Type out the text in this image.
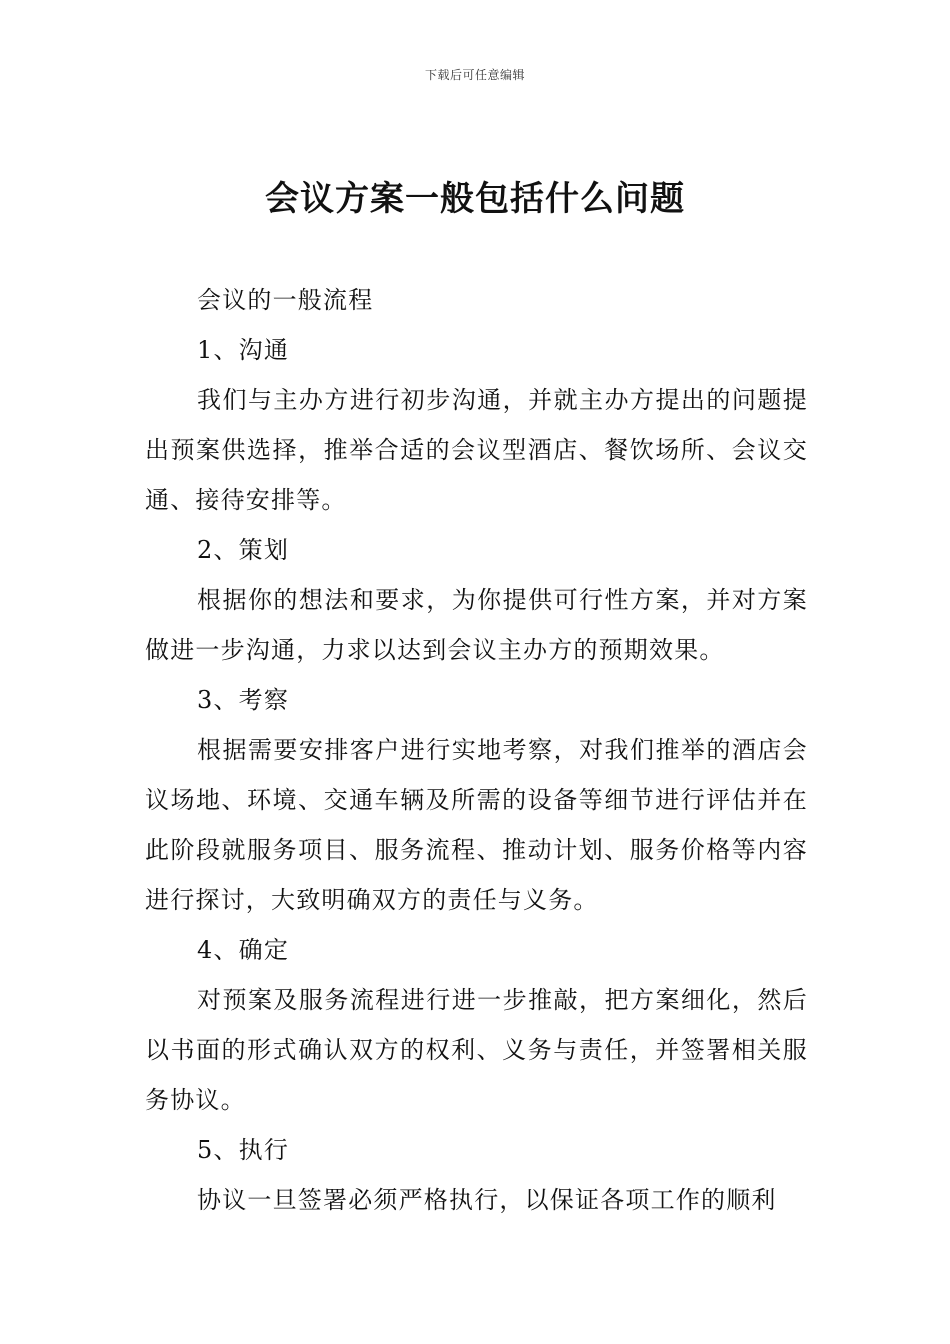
下载后可任意编辑
会议方案一般包括什么问题

会议的一般流程

1、沟通

我们与主办方进行初步沟通，并就主办方提出的问题提出预案供选择，推举合适的会议型酒店、餐饮场所、会议交通、接待安排等。

2、策划

根据你的想法和要求，为你提供可行性方案，并对方案做进一步沟通，力求以达到会议主办方的预期效果。

3、考察

根据需要安排客户进行实地考察，对我们推举的酒店会议场地、环境、交通车辆及所需的设备等细节进行评估并在此阶段就服务项目、服务流程、推动计划、服务价格等内容进行探讨，大致明确双方的责任与义务。

4、确定

对预案及服务流程进行进一步推敲，把方案细化，然后以书面的形式确认双方的权利、义务与责任，并签署相关服务协议。

5、执行

协议一旦签署必须严格执行，以保证各项工作的顺利
